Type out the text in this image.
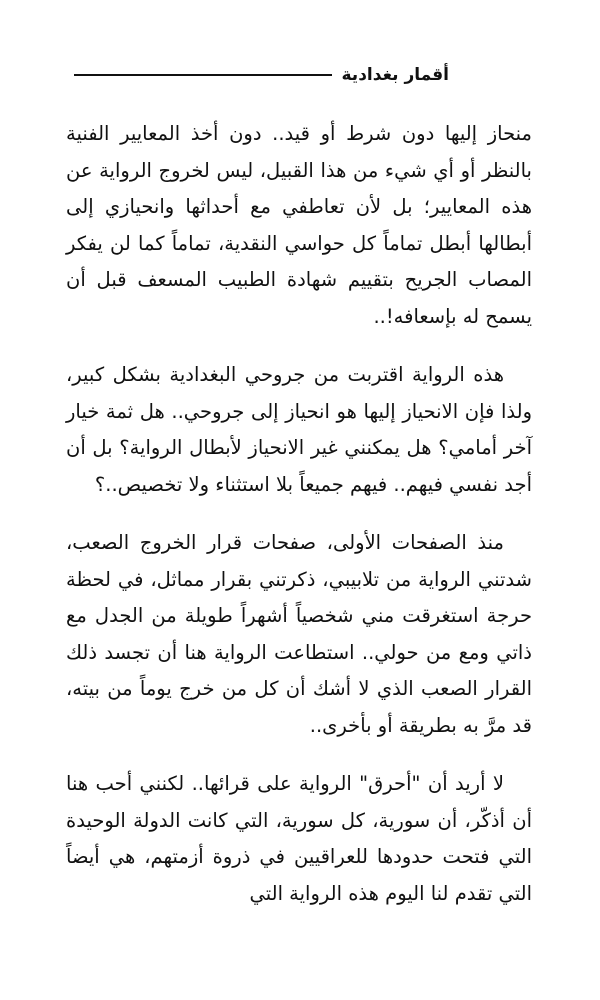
أقمار بغدادية

منحاز إليها دون شرط أو قيد.. دون أخذ المعايير الفنية بالنظر أو أي شيء من هذا القبيل، ليس لخروج الرواية عن هذه المعايير؛ بل لأن تعاطفي مع أحداثها وانحيازي إلى أبطالها أبطل تماماً كل حواسي النقدية، تماماً كما لن يفكر المصاب الجريح بتقييم شهادة الطبيب المسعف قبل أن يسمح له بإسعافه!..

هذه الرواية اقتربت من جروحي البغدادية بشكل كبير، ولذا فإن الانحياز إليها هو انحياز إلى جروحي.. هل ثمة خيار آخر أمامي؟ هل يمكنني غير الانحياز لأبطال الرواية؟ بل أن أجد نفسي فيهم.. فيهم جميعاً بلا استثناء ولا تخصيص..؟

منذ الصفحات الأولى، صفحات قرار الخروج الصعب، شدتني الرواية من تلابيبي، ذكرتني بقرار مماثل، في لحظة حرجة استغرقت مني شخصياً أشهراً طويلة من الجدل مع ذاتي ومع من حولي.. استطاعت الرواية هنا أن تجسد ذلك القرار الصعب الذي لا أشك أن كل من خرج يوماً من بيته، قد مرَّ به بطريقة أو بأخرى..

لا أريد أن "أحرق" الرواية على قرائها.. لكنني أحب هنا أن أذكّر، أن سورية، كل سورية، التي كانت الدولة الوحيدة التي فتحت حدودها للعراقيين في ذروة أزمتهم، هي أيضاً التي تقدم لنا اليوم هذه الرواية التي
